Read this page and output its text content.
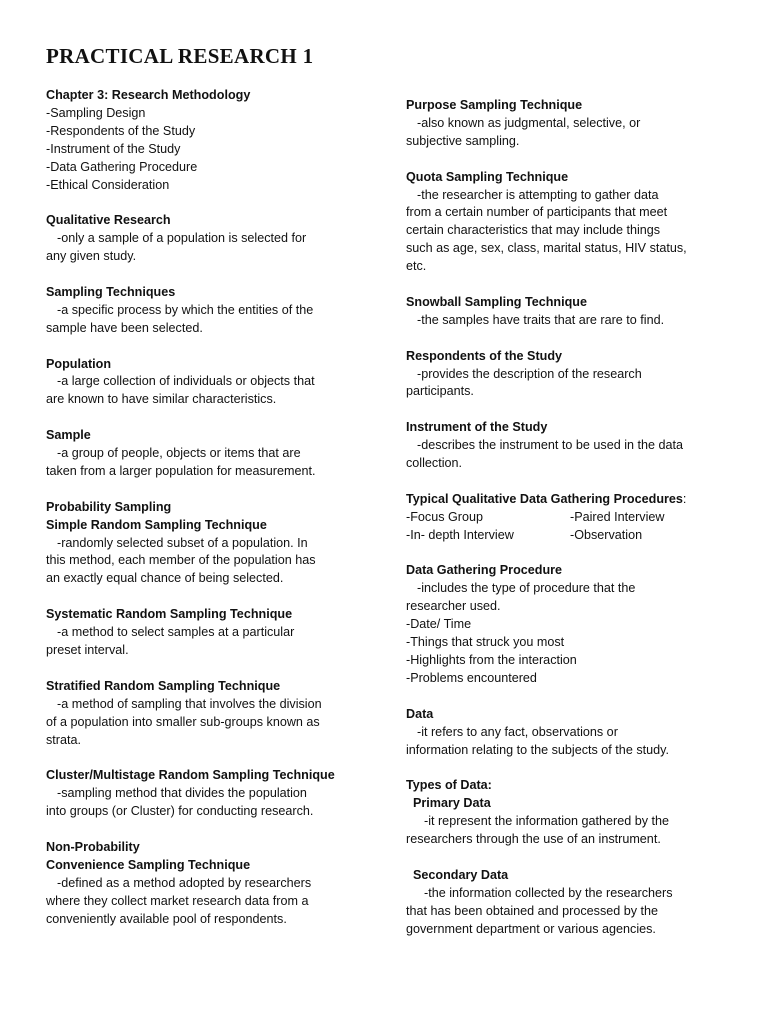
PRACTICAL RESEARCH 1

Chapter 3: Research Methodology

-Sampling Design

-Respondents of the Study

-Instrument of the Study

-Data Gathering Procedure

-Ethical Consideration

Qualitative Research

-only a sample of a population is selected for

any given study.

Sampling Techniques

-a specific process by which the entities of the

sample have been selected.

Population

-a large collection of individuals or objects that

are known to have similar characteristics.

Sample

-a group of people, objects or items that are

taken from a larger population for measurement.

Probability Sampling

Simple Random Sampling Technique

-randomly selected subset of a population. In

this method, each member of the population has

an exactly equal chance of being selected.

Systematic Random Sampling Technique

-a method to select samples at a particular

preset interval.

Stratified Random Sampling Technique

-a method of sampling that involves the division

of a population into smaller sub-groups known as

strata.

Cluster/Multistage Random Sampling Technique

-sampling method that divides the population

into groups (or Cluster) for conducting research.

Non-Probability

Convenience Sampling Technique

-defined as a method adopted by researchers

where they collect market research data from a

conveniently available pool of respondents.

Purpose Sampling Technique

-also known as judgmental, selective, or

subjective sampling.

Quota Sampling Technique

-the researcher is attempting to gather data

from a certain number of participants that meet

certain characteristics that may include things

such as age, sex, class, marital status, HIV status,

etc.

Snowball Sampling Technique

-the samples have traits that are rare to find.

Respondents of the Study

-provides the description of the research

participants.

Instrument of the Study

-describes the instrument to be used in the data

collection.

Typical Qualitative Data Gathering Procedures:

-Focus Group	-Paired Interview
-In- depth Interview	-Observation

Data Gathering Procedure

-includes the type of procedure that the

researcher used.

-Date/ Time

-Things that struck you most

-Highlights from the interaction

-Problems encountered

Data

-it refers to any fact, observations or

information relating to the subjects of the study.

Types of Data:

Primary Data

-it represent the information gathered by the

researchers through the use of an instrument.

Secondary Data

-the information collected by the researchers

that has been obtained and processed by the

government department or various agencies.
